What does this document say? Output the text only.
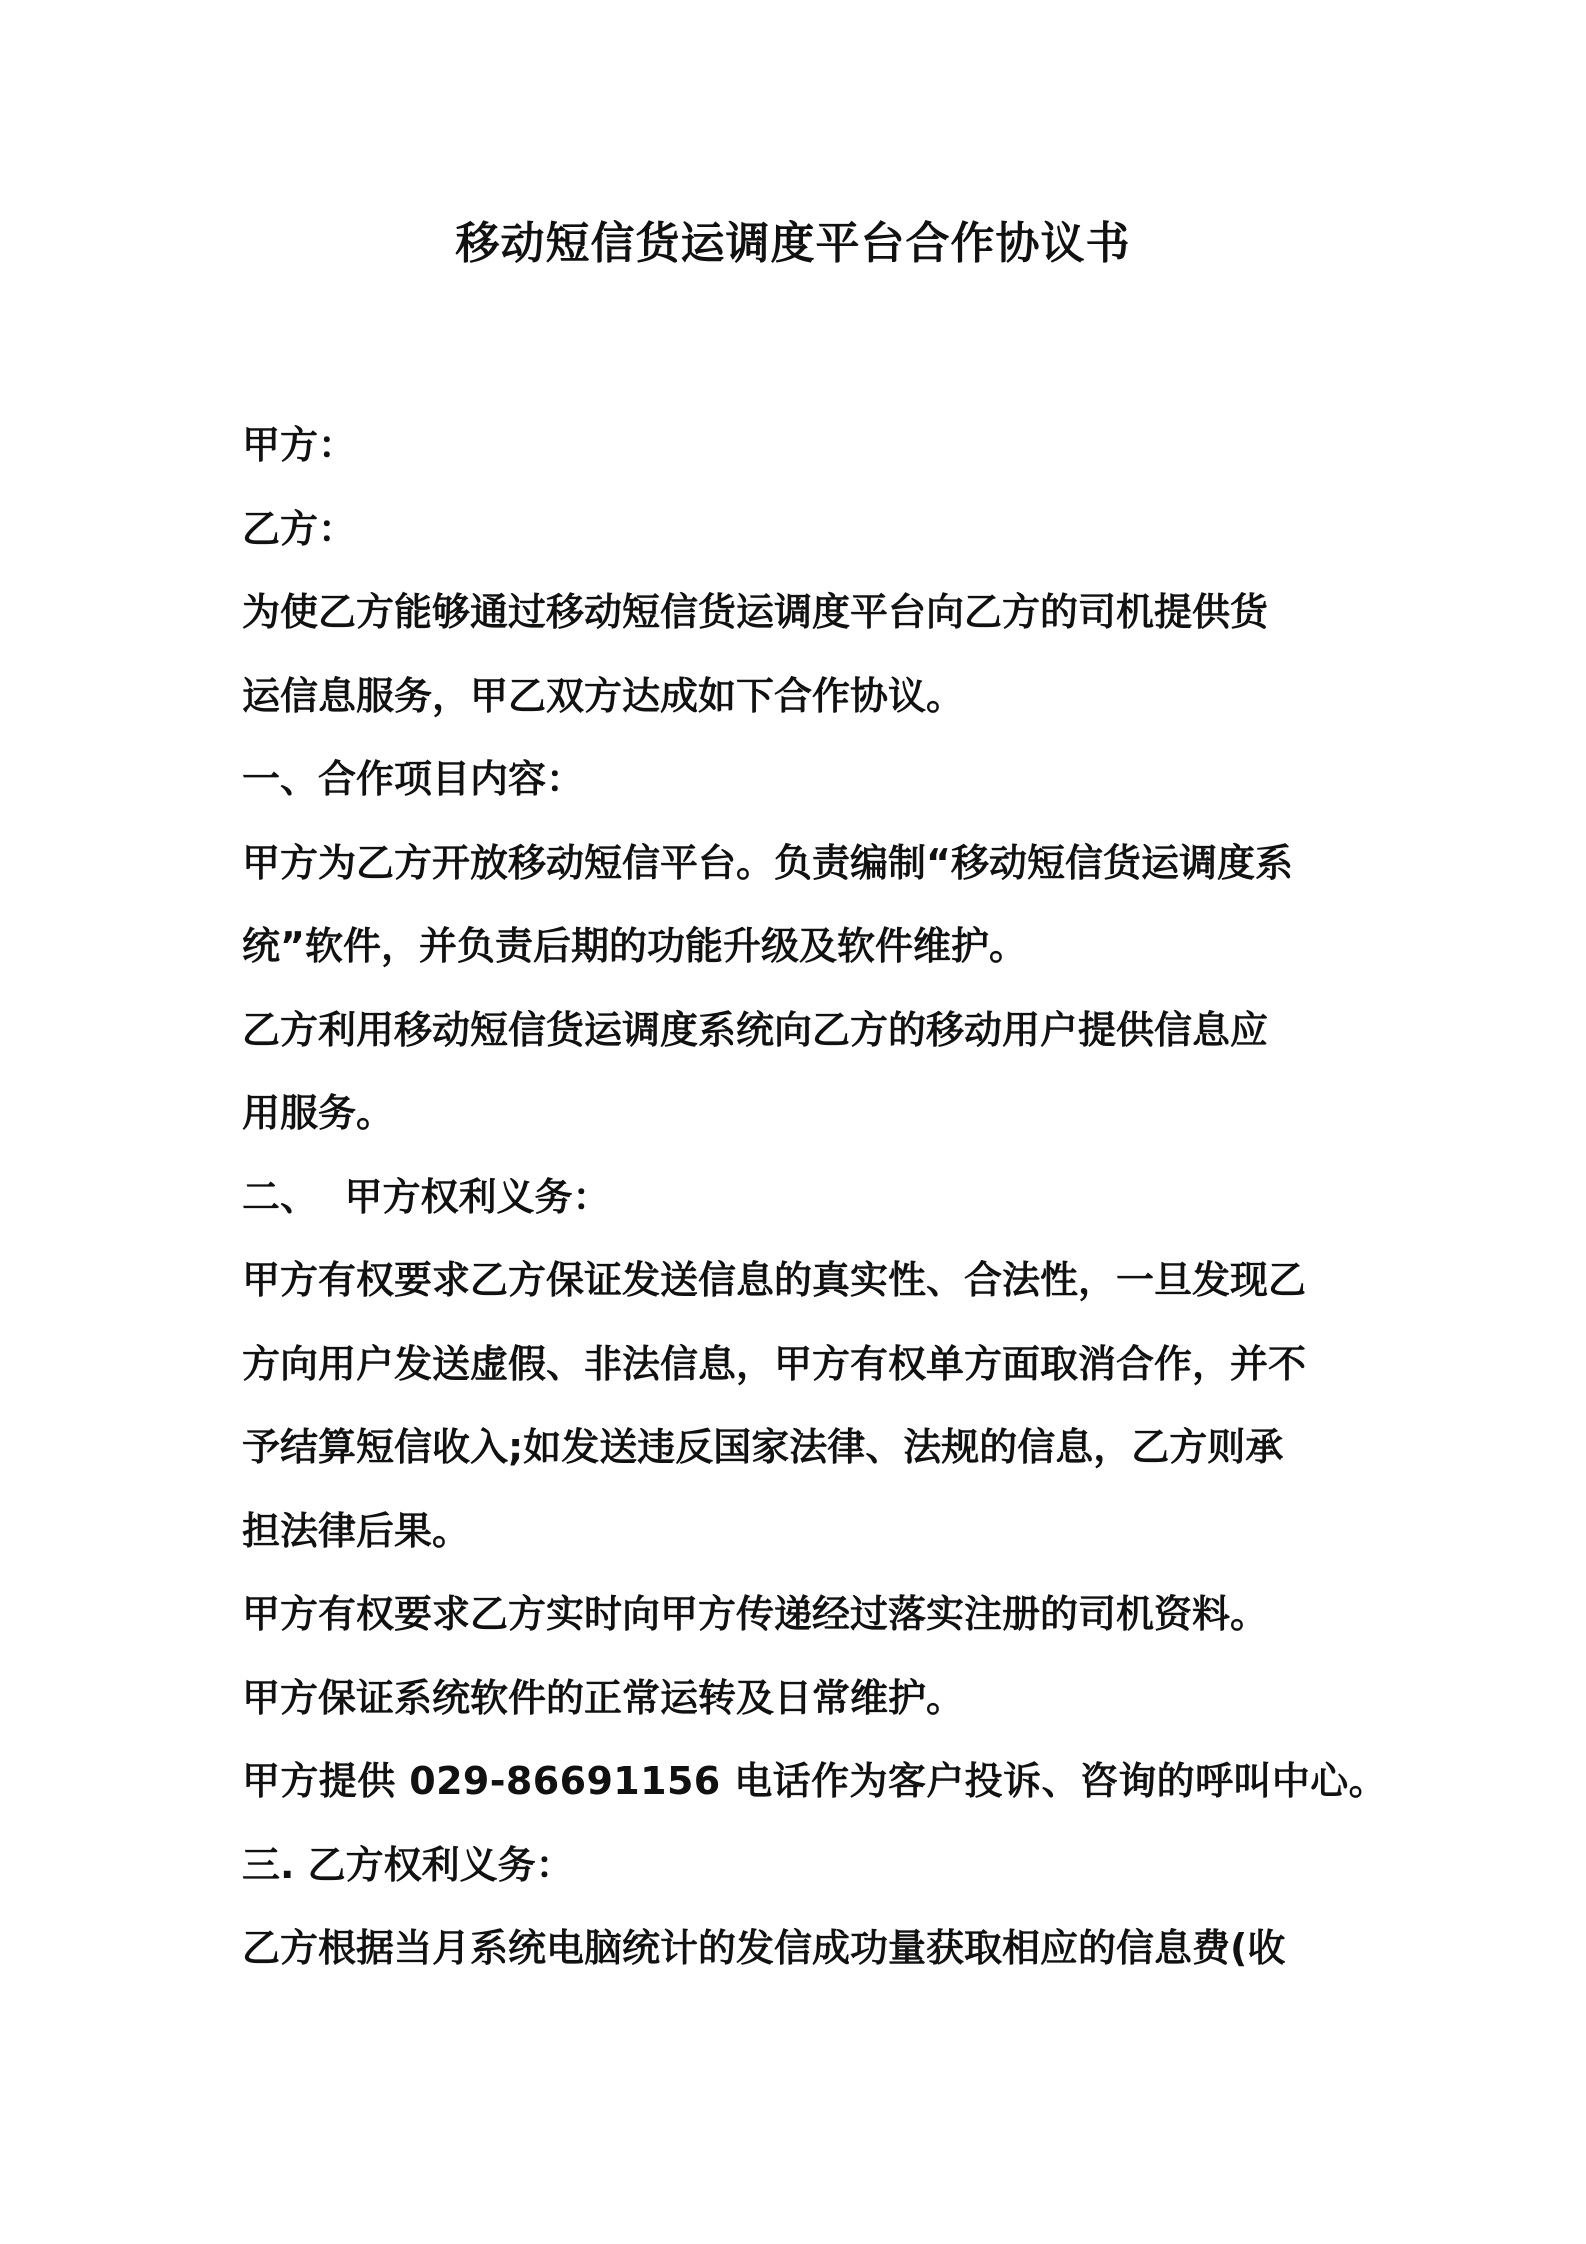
移动短信货运调度平台合作协议书
甲方：
乙方：
为使乙方能够通过移动短信货运调度平台向乙方的司机提供货
运信息服务，甲乙双方达成如下合作协议。
一、合作项目内容：
甲方为乙方开放移动短信平台。负责编制“移动短信货运调度系
统”软件，并负责后期的功能升级及软件维护。
乙方利用移动短信货运调度系统向乙方的移动用户提供信息应
用服务。
二、  甲方权利义务：
甲方有权要求乙方保证发送信息的真实性、合法性，一旦发现乙
方向用户发送虚假、非法信息，甲方有权单方面取消合作，并不
予结算短信收入;如发送违反国家法律、法规的信息，乙方则承
担法律后果。
甲方有权要求乙方实时向甲方传递经过落实注册的司机资料。
甲方保证系统软件的正常运转及日常维护。
甲方提供 029-86691156 电话作为客户投诉、咨询的呼叫中心。
三. 乙方权利义务：
乙方根据当月系统电脑统计的发信成功量获取相应的信息费(收
